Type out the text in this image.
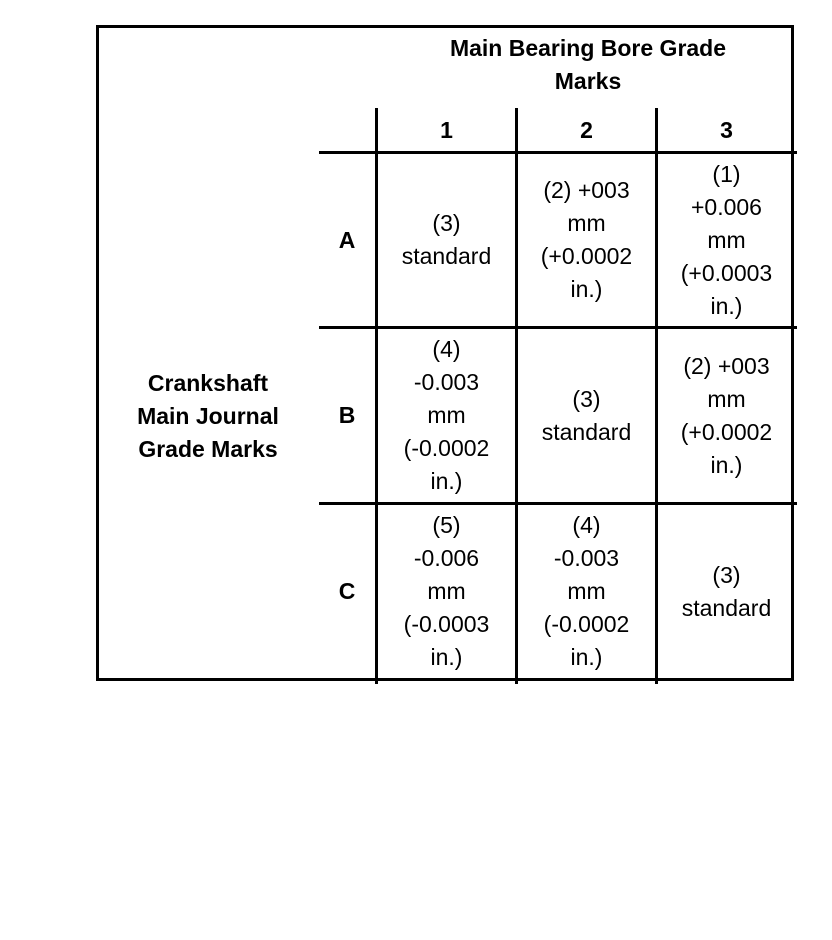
Main Bearing Bore Grade
Marks
Crankshaft
Main Journal
Grade Marks
1	2	3
A
B
C
(3)
standard
(2) +003
mm
(+0.0002
in.)
(1)
+0.006
mm
(+0.0003
in.)
(4)
-0.003
mm
(-0.0002
in.)
(3)
standard
(2) +003
mm
(+0.0002
in.)
(5)
-0.006
mm
(-0.0003
in.)
(4)
-0.003
mm
(-0.0002
in.)
(3)
standard
